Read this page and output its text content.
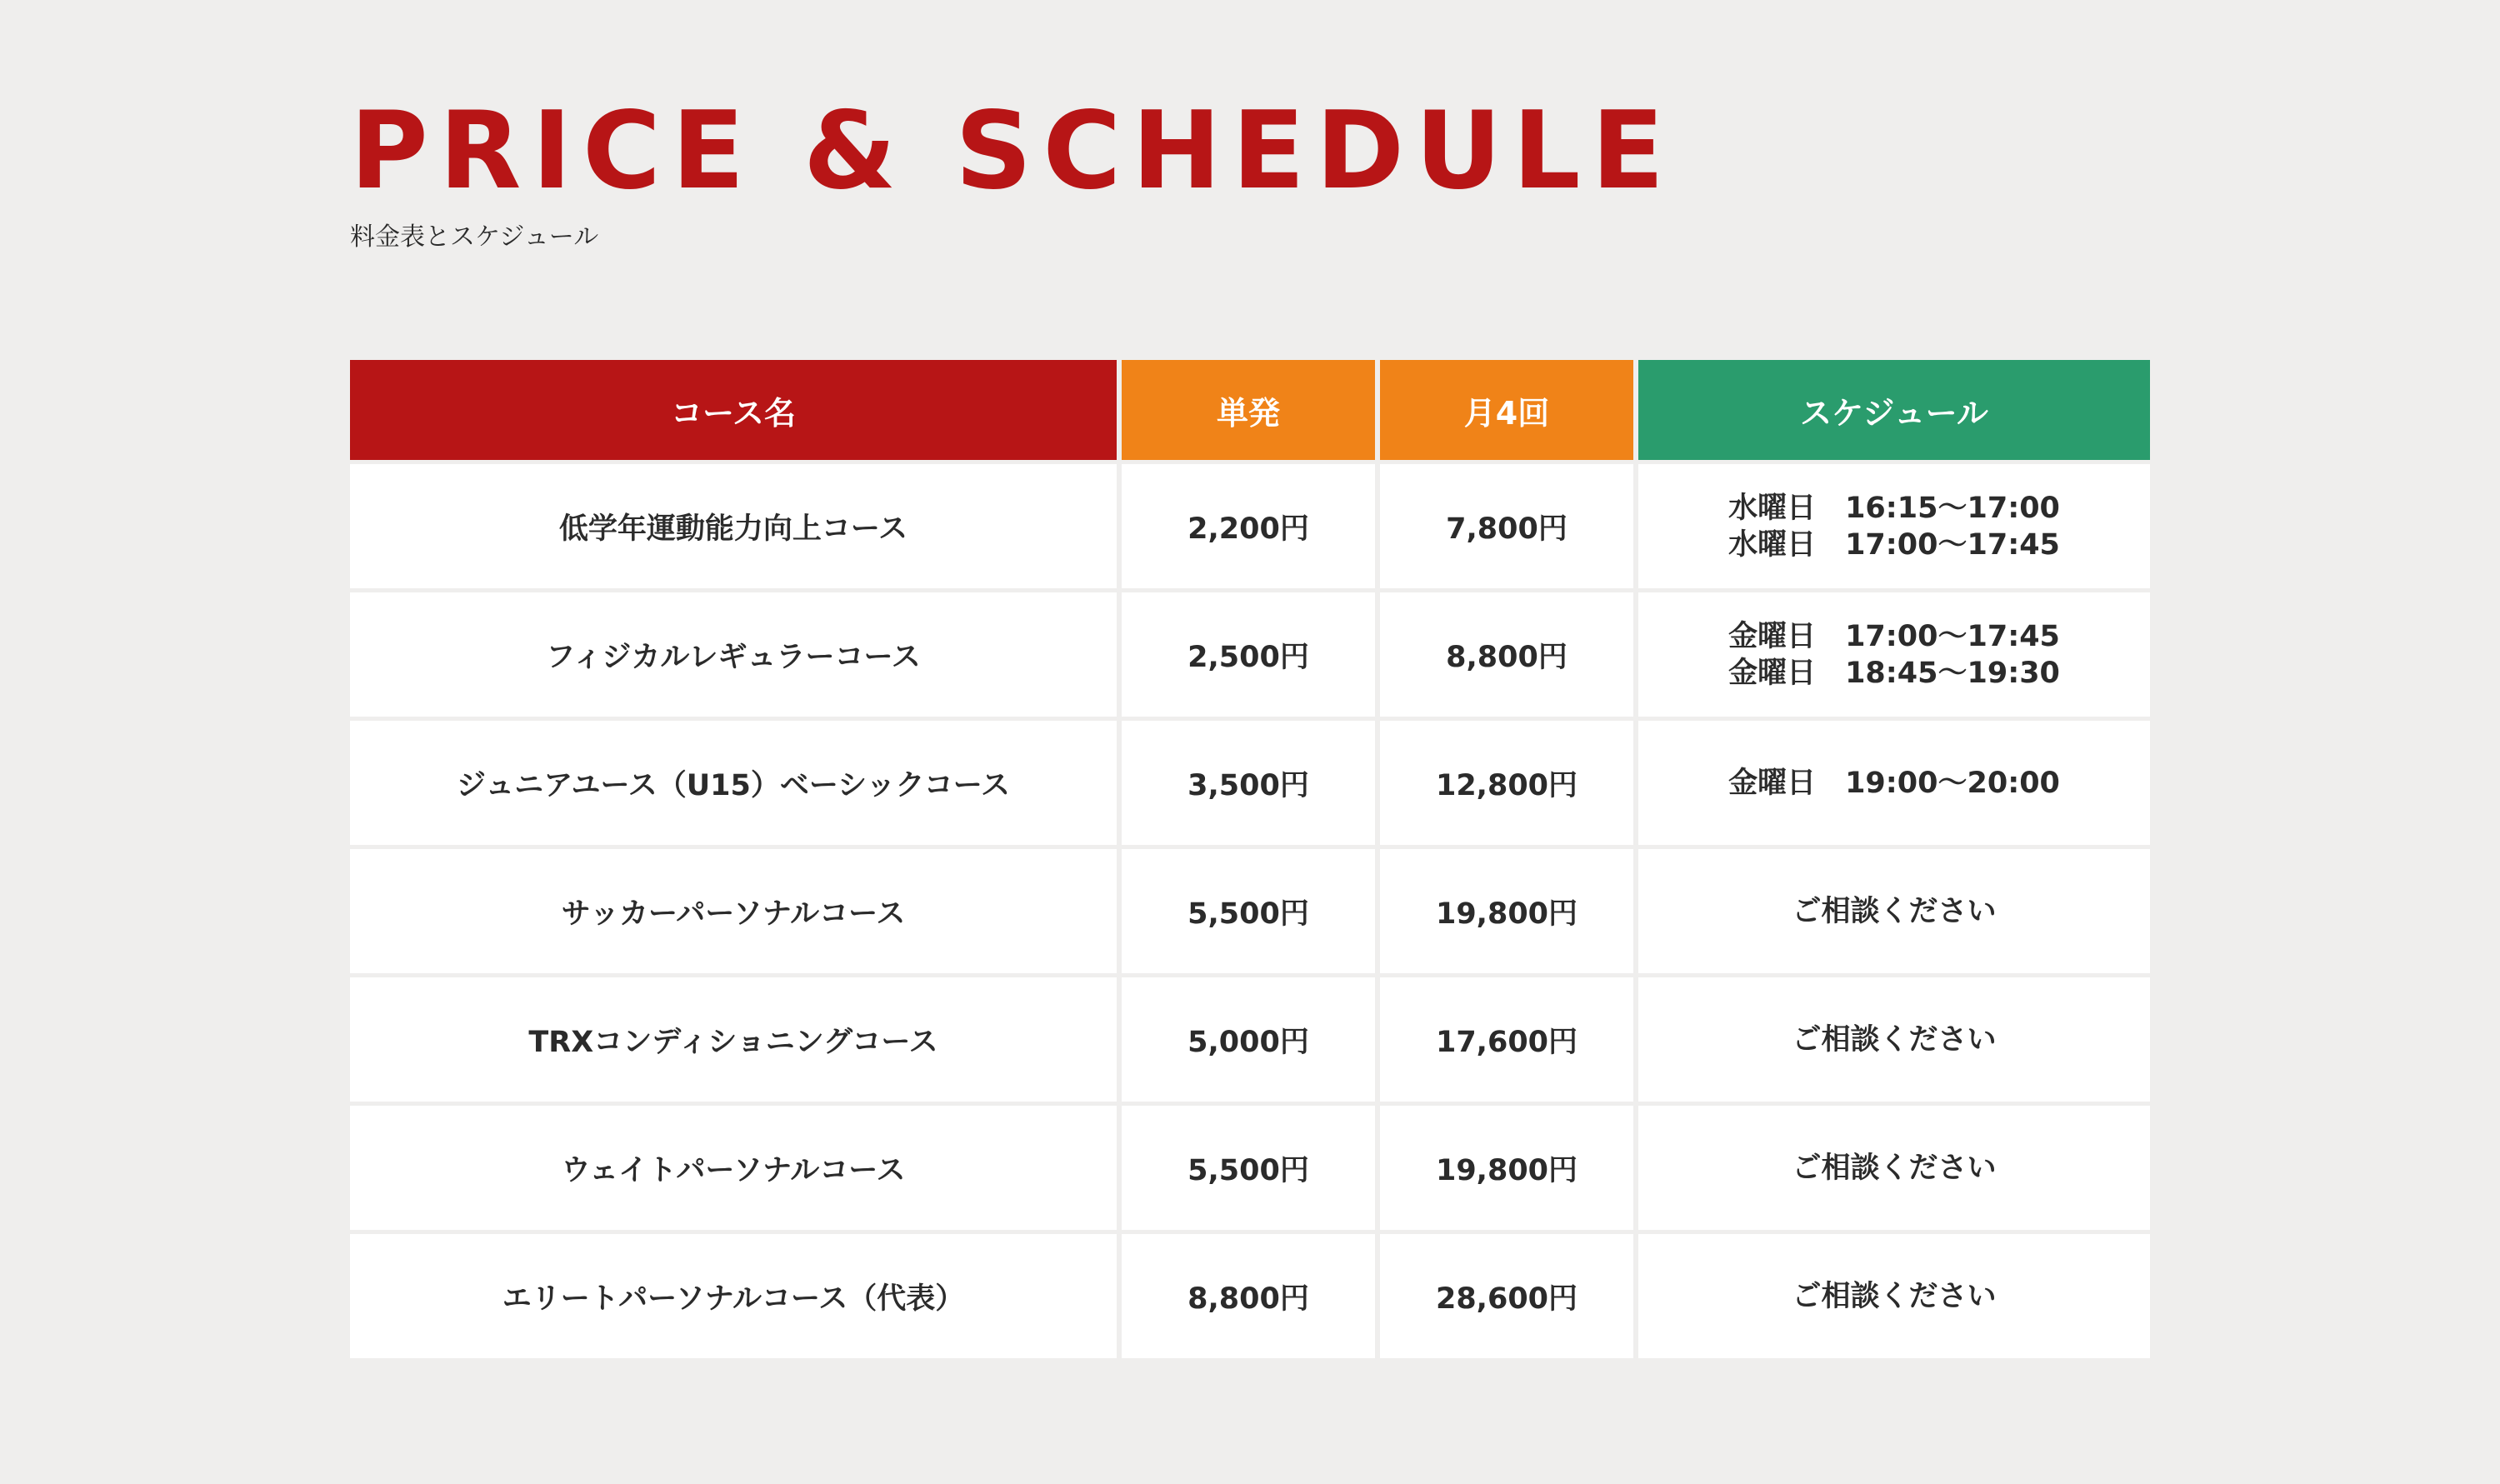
PRICE & SCHEDULE
料金表とスケジュール
コース名	単発	月4回	スケジュール
低学年運動能力向上コース	2,200円	7,800円	水曜日　16:15〜17:00
水曜日　17:00〜17:45

フィジカルレギュラーコース	2,500円	8,800円	金曜日　17:00〜17:45
金曜日　18:45〜19:30

ジュニアユース（U15）ベーシックコース	3,500円	12,800円	金曜日　19:00〜20:00

サッカーパーソナルコース	5,500円	19,800円	ご相談ください

TRXコンディショニングコース	5,000円	17,600円	ご相談ください

ウェイトパーソナルコース	5,500円	19,800円	ご相談ください

エリートパーソナルコース（代表）	8,800円	28,600円	ご相談ください
